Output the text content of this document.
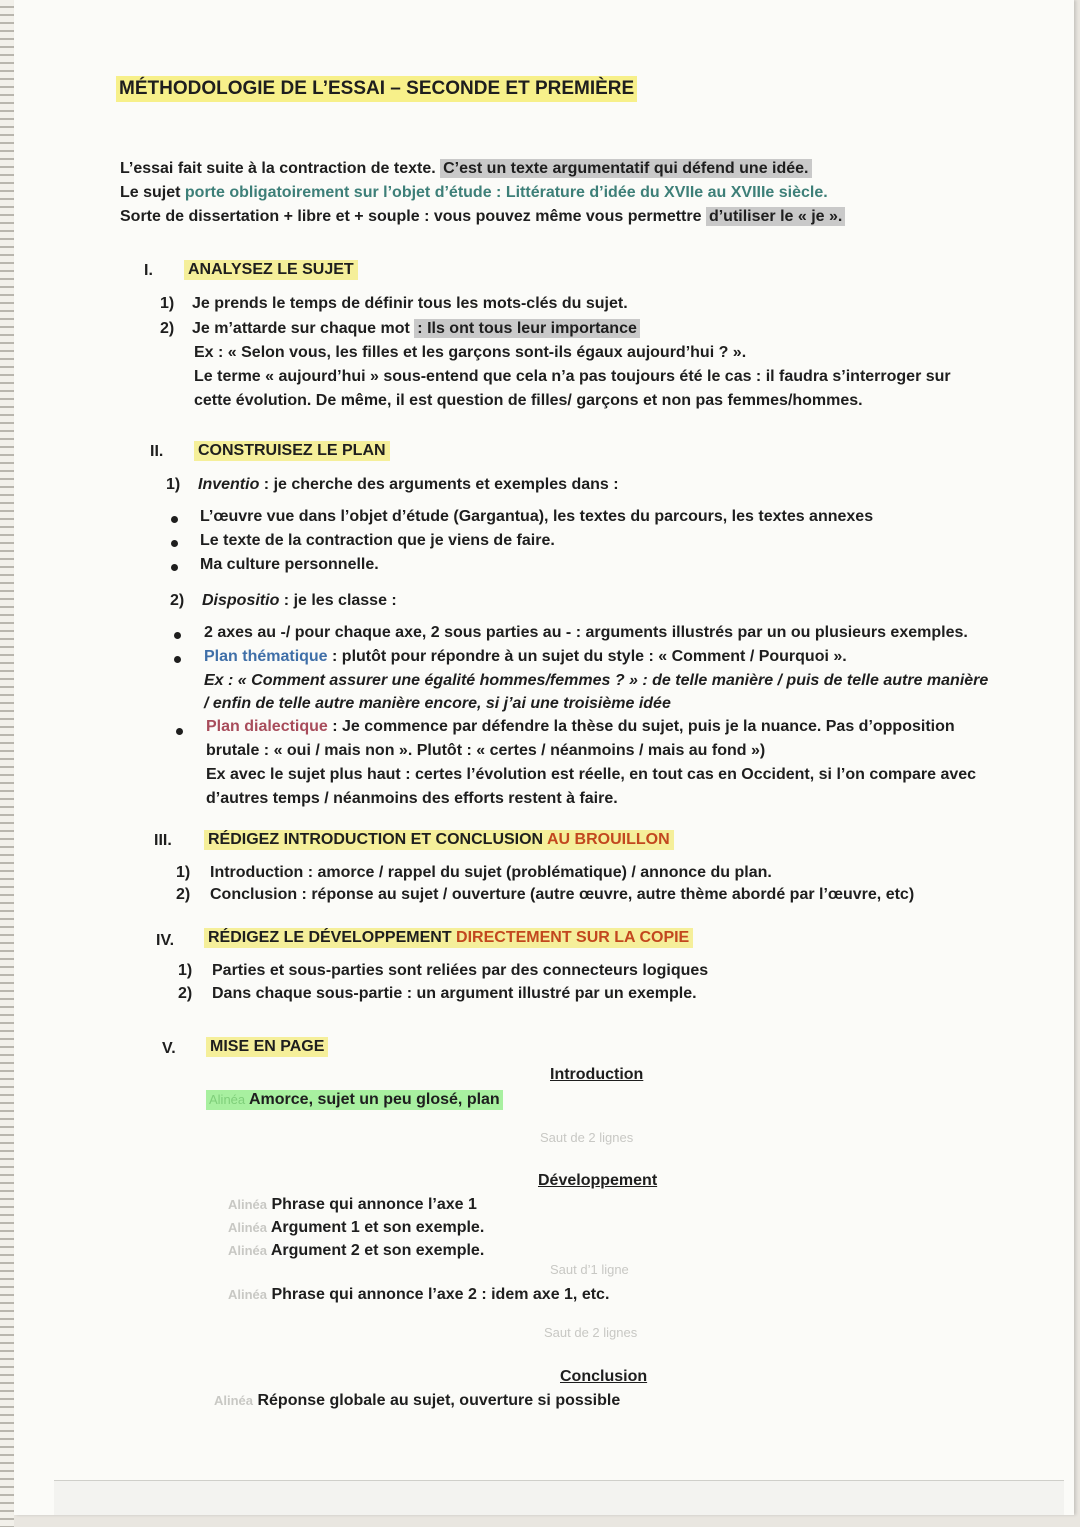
MÉTHODOLOGIE DE L’ESSAI – SECONDE ET PREMIÈRE
L’essai fait suite à la contraction de texte. C’est un texte argumentatif qui défend une idée.
Le sujet porte obligatoirement sur l’objet d’étude : Littérature d’idée du XVIIe au XVIIIe siècle.
Sorte de dissertation + libre et + souple : vous pouvez même vous permettre d’utiliser le « je ».
I. ANALYSEZ LE SUJET
1) Je prends le temps de définir tous les mots-clés du sujet.
2) Je m’attarde sur chaque mot : Ils ont tous leur importance
Ex : « Selon vous, les filles et les garçons sont-ils égaux aujourd’hui ? ».
Le terme « aujourd’hui » sous-entend que cela n’a pas toujours été le cas : il faudra s’interroger sur
cette évolution. De même, il est question de filles/ garçons et non pas femmes/hommes.
II. CONSTRUISEZ LE PLAN
1) Inventio : je cherche des arguments et exemples dans :
L’œuvre vue dans l’objet d’étude (Gargantua), les textes du parcours, les textes annexes
Le texte de la contraction que je viens de faire.
Ma culture personnelle.
2) Dispositio : je les classe :
2 axes au -/ pour chaque axe, 2 sous parties au - : arguments illustrés par un ou plusieurs exemples.
Plan thématique : plutôt pour répondre à un sujet du style : « Comment / Pourquoi ».
Ex : « Comment assurer une égalité hommes/femmes ? » : de telle manière / puis de telle autre manière
/ enfin de telle autre manière encore, si j’ai une troisième idée
Plan dialectique : Je commence par défendre la thèse du sujet, puis je la nuance. Pas d’opposition
brutale : « oui / mais non ». Plutôt : « certes / néanmoins / mais au fond »)
Ex avec le sujet plus haut : certes l’évolution est réelle, en tout cas en Occident, si l’on compare avec
d’autres temps / néanmoins des efforts restent à faire.
III. RÉDIGEZ INTRODUCTION ET CONCLUSION AU BROUILLON
1) Introduction : amorce / rappel du sujet (problématique) / annonce du plan.
2) Conclusion : réponse au sujet / ouverture (autre œuvre, autre thème abordé par l’œuvre, etc)
IV. RÉDIGEZ LE DÉVELOPPEMENT DIRECTEMENT SUR LA COPIE
1) Parties et sous-parties sont reliées par des connecteurs logiques
2) Dans chaque sous-partie : un argument illustré par un exemple.
V. MISE EN PAGE
Introduction
Alinéa Amorce, sujet un peu glosé, plan
Saut de 2 lignes
Développement
Alinéa Phrase qui annonce l’axe 1
Alinéa Argument 1 et son exemple.
Alinéa Argument 2 et son exemple.
Saut d’1 ligne
Alinéa Phrase qui annonce l’axe 2 : idem axe 1, etc.
Saut de 2 lignes
Conclusion
Alinéa Réponse globale au sujet, ouverture si possible
